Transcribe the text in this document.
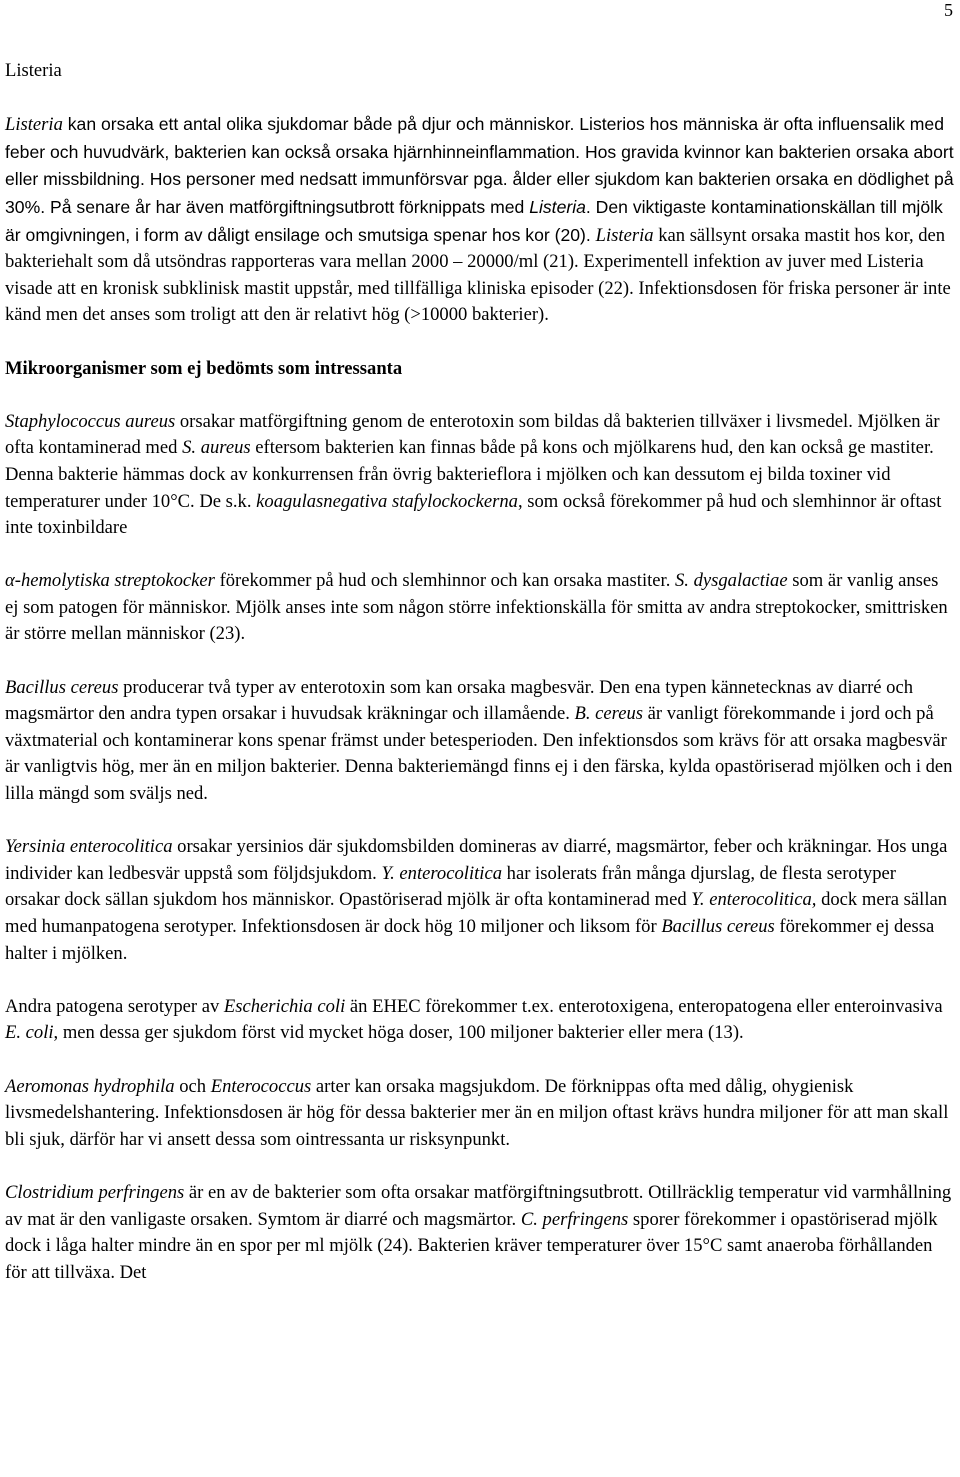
5

Listeria

Listeria kan orsaka ett antal olika sjukdomar både på djur och människor. Listerios hos människa är ofta influensalik med feber och huvudvärk, bakterien kan också orsaka hjärnhinneinflammation. Hos gravida kvinnor kan bakterien orsaka abort eller missbildning. Hos personer med nedsatt immunförsvar pga. ålder eller sjukdom kan bakterien orsaka en dödlighet på 30%. På senare år har även matförgiftningsutbrott förknippats med Listeria. Den viktigaste kontaminationskällan till mjölk är omgivningen, i form av dåligt ensilage och smutsiga spenar hos kor (20). Listeria kan sällsynt orsaka mastit hos kor, den bakteriehalt som då utsöndras rapporteras vara mellan 2000 – 20000/ml (21). Experimentell infektion av juver med Listeria visade att en kronisk subklinisk mastit uppstår, med tillfälliga kliniska episoder (22). Infektionsdosen för friska personer är inte känd men det anses som troligt att den är relativt hög (>10000 bakterier).

Mikroorganismer som ej bedömts som intressanta

Staphylococcus aureus orsakar matförgiftning genom de enterotoxin som bildas då bakterien tillväxer i livsmedel. Mjölken är ofta kontaminerad med S. aureus eftersom bakterien kan finnas både på kons och mjölkarens hud, den kan också ge mastiter. Denna bakterie hämmas dock av konkurrensen från övrig bakterieflora i mjölken och kan dessutom ej bilda toxiner vid temperaturer under 10°C. De s.k. koagulasnegativa stafylockockerna, som också förekommer på hud och slemhinnor är oftast inte toxinbildare

α-hemolytiska streptokocker förekommer på hud och slemhinnor och kan orsaka mastiter. S. dysgalactiae som är vanlig anses ej som patogen för människor. Mjölk anses inte som någon större infektionskälla för smitta av andra streptokocker, smittrisken är större mellan människor (23).

Bacillus cereus producerar två typer av enterotoxin som kan orsaka magbesvär. Den ena typen kännetecknas av diarré och magsmärtor den andra typen orsakar i huvudsak kräkningar och illamående. B. cereus är vanligt förekommande i jord och på växtmaterial och kontaminerar kons spenar främst under betesperioden. Den infektionsdos som krävs för att orsaka magbesvär är vanligtvis hög, mer än en miljon bakterier. Denna bakteriemängd finns ej i den färska, kylda opastöriserad mjölken och i den lilla mängd som sväljs ned.

Yersinia enterocolitica orsakar yersinios där sjukdomsbilden domineras av diarré, magsmärtor, feber och kräkningar. Hos unga individer kan ledbesvär uppstå som följdsjukdom. Y. enterocolitica har isolerats från många djurslag, de flesta serotyper orsakar dock sällan sjukdom hos människor. Opastöriserad mjölk är ofta kontaminerad med Y. enterocolitica, dock mera sällan med humanpatogena serotyper. Infektionsdosen är dock hög 10 miljoner och liksom för Bacillus cereus förekommer ej dessa halter i mjölken.

Andra patogena serotyper av Escherichia coli än EHEC förekommer t.ex. enterotoxigena, enteropatogena eller enteroinvasiva E. coli, men dessa ger sjukdom först vid mycket höga doser, 100 miljoner bakterier eller mera (13).

Aeromonas hydrophila och Enterococcus arter kan orsaka magsjukdom. De förknippas ofta med dålig, ohygienisk livsmedelshantering. Infektionsdosen är hög för dessa bakterier mer än en miljon oftast krävs hundra miljoner för att man skall bli sjuk, därför har vi ansett dessa som ointressanta ur risksynpunkt.

Clostridium perfringens är en av de bakterier som ofta orsakar matförgiftningsutbrott. Otillräcklig temperatur vid varmhållning av mat är den vanligaste orsaken. Symtom är diarré och magsmärtor. C. perfringens sporer förekommer i opastöriserad mjölk dock i låga halter mindre än en spor per ml mjölk (24). Bakterien kräver temperaturer över 15°C samt anaeroba förhållanden för att tillväxa. Det
